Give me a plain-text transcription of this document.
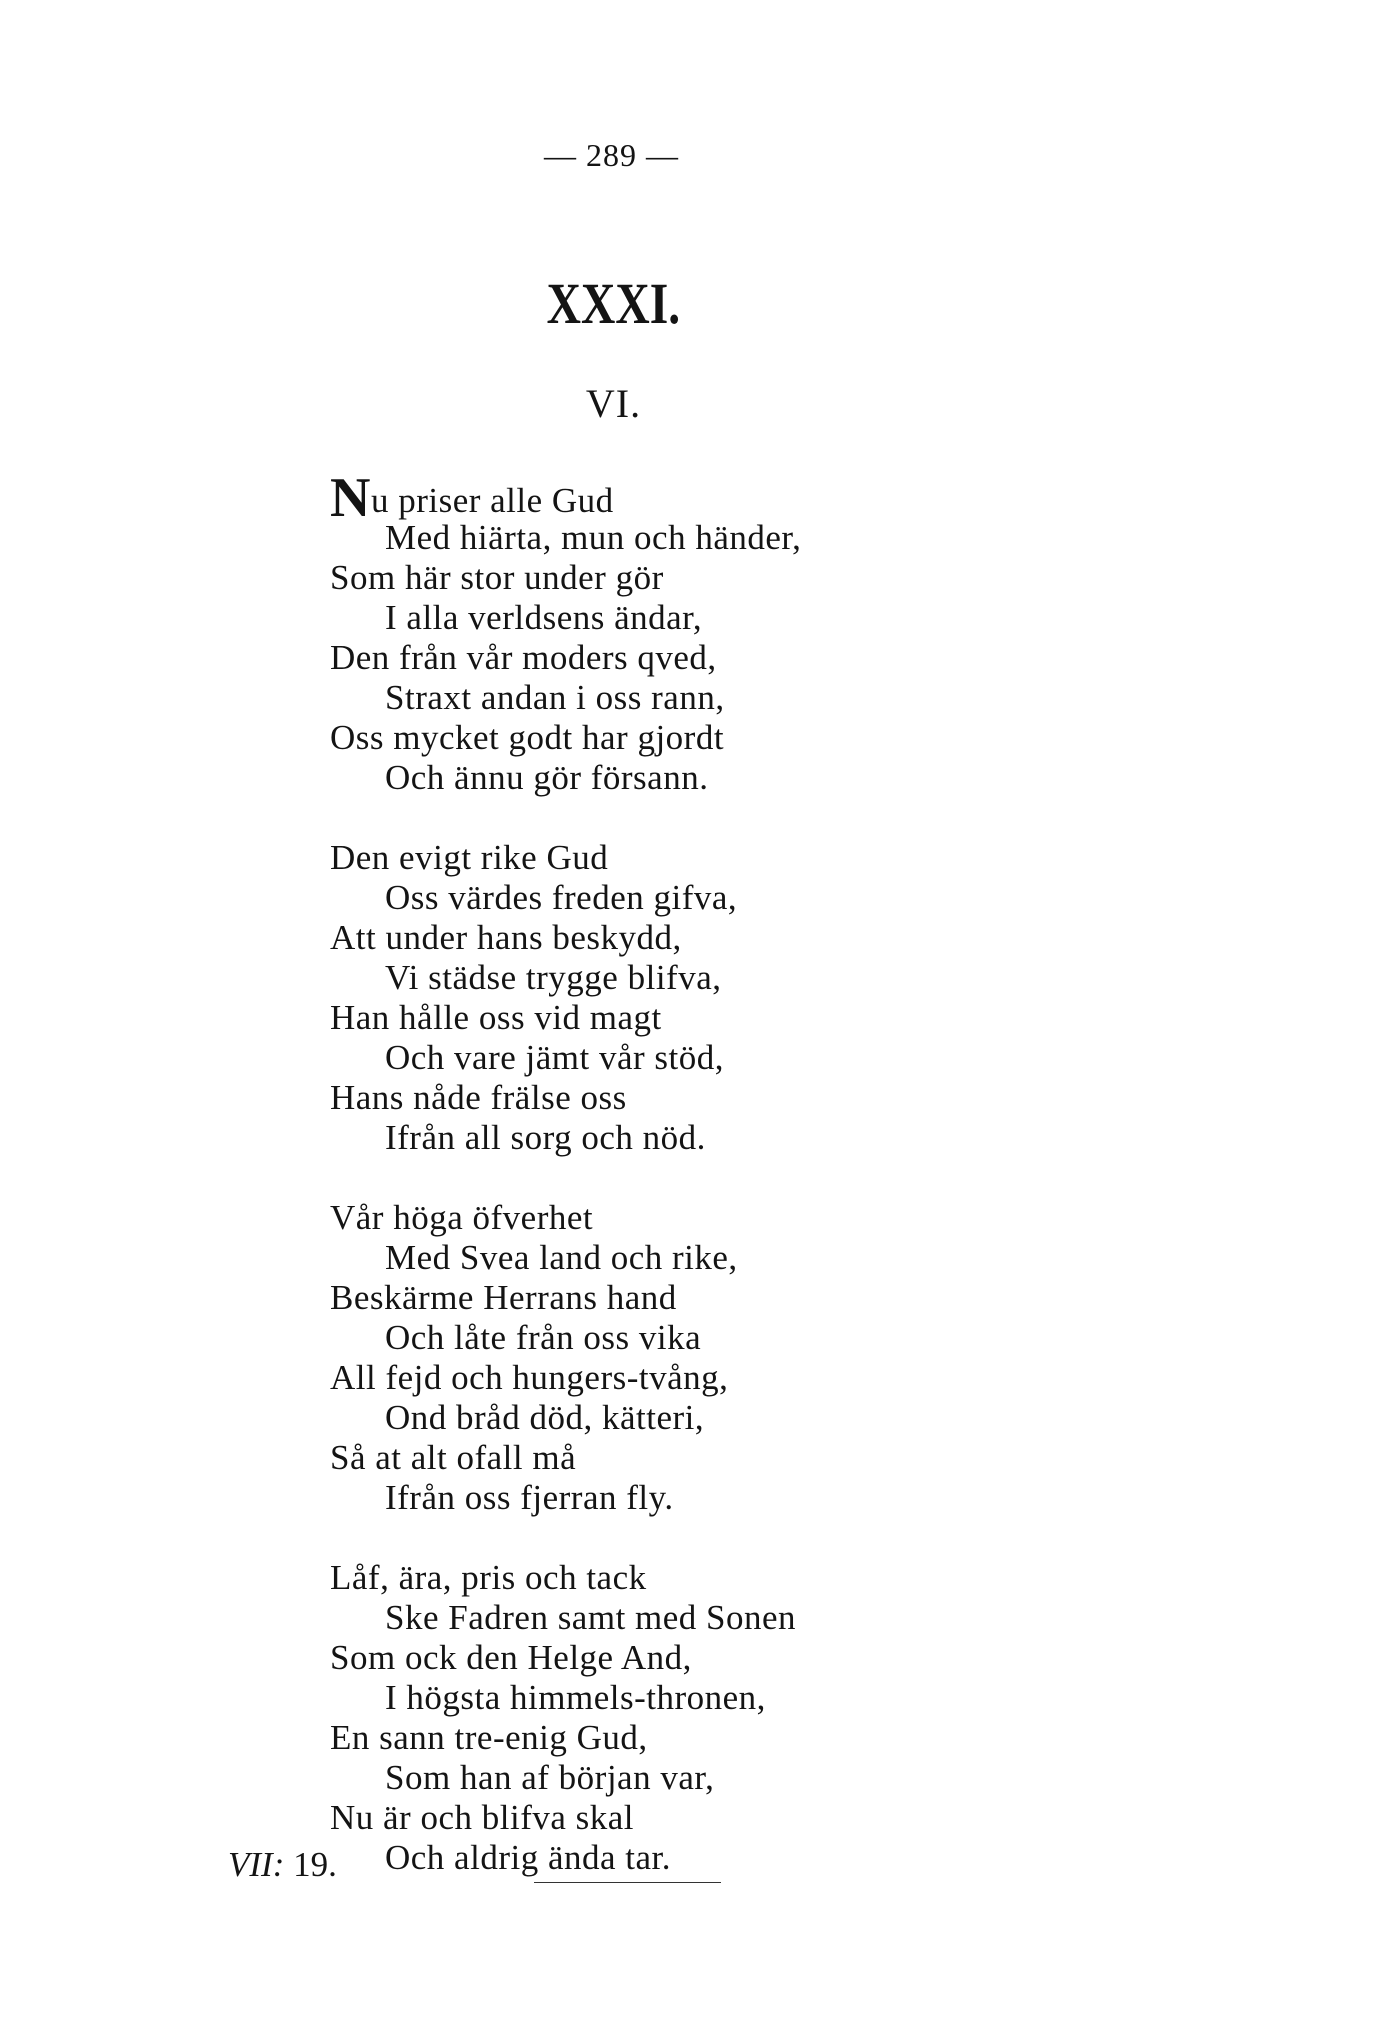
— 289 —
XXXI.
VI.
Nu priser alle Gud
Med hiärta, mun och händer,
Som här stor under gör
I alla verldsens ändar,
Den från vår moders qved,
Straxt andan i oss rann,
Oss mycket godt har gjordt
Och ännu gör försann.
Den evigt rike Gud
Oss värdes freden gifva,
Att under hans beskydd,
Vi städse trygge blifva,
Han hålle oss vid magt
Och vare jämt vår stöd,
Hans nåde frälse oss
Ifrån all sorg och nöd.
Vår höga öfverhet
Med Svea land och rike,
Beskärme Herrans hand
Och låte från oss vika
All fejd och hungers-tvång,
Ond bråd död, kätteri,
Så at alt ofall må
Ifrån oss fjerran fly.
Låf, ära, pris och tack
Ske Fadren samt med Sonen
Som ock den Helge And,
I högsta himmels-thronen,
En sann tre-enig Gud,
Som han af början var,
Nu är och blifva skal
Och aldrig ända tar.
VII: 19.
